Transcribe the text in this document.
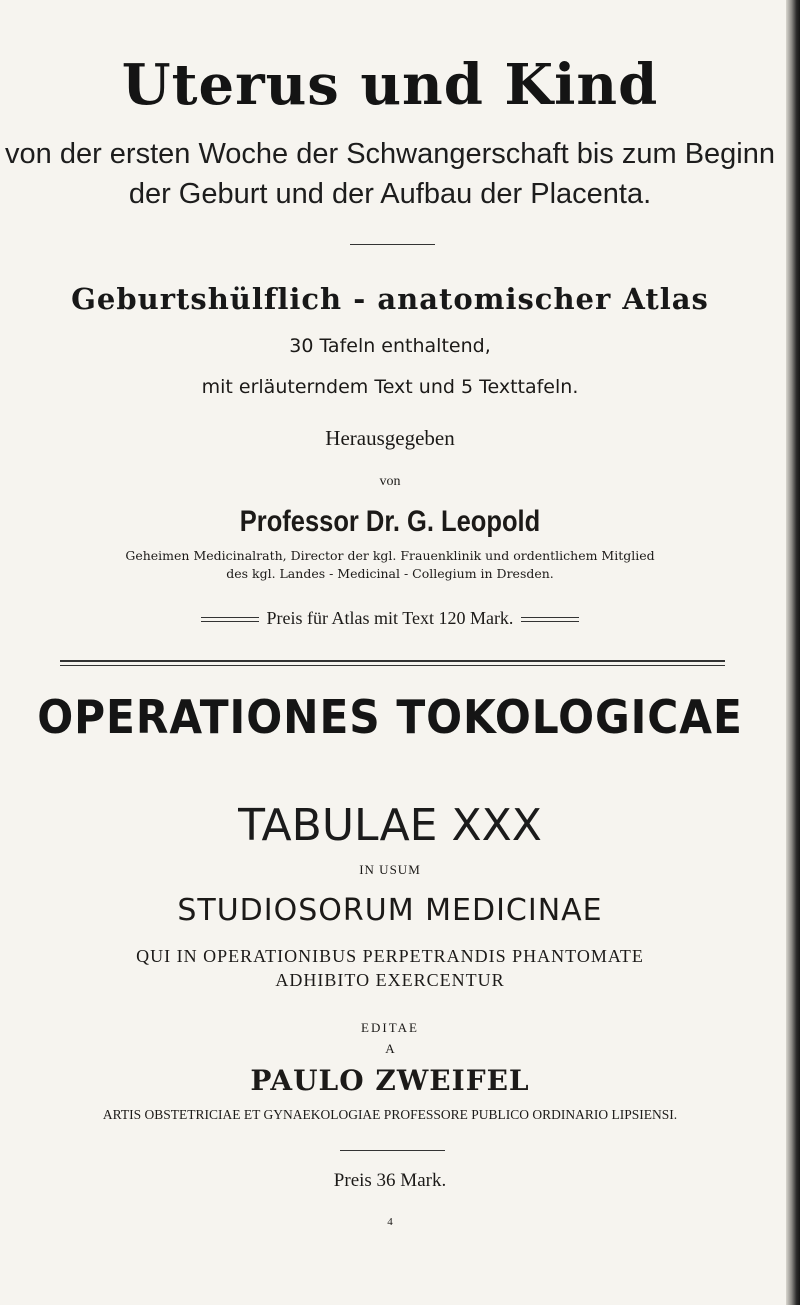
Uterus und Kind
von der ersten Woche der Schwangerschaft bis zum Beginn
der Geburt und der Aufbau der Placenta.
Geburtshülflich - anatomischer Atlas
30 Tafeln enthaltend,
mit erläuterndem Text und 5 Texttafeln.
Herausgegeben
von
Professor Dr. G. Leopold
Geheimen Medicinalrath, Director der kgl. Frauenklinik und ordentlichem Mitglied
des kgl. Landes - Medicinal - Collegium in Dresden.
Preis für Atlas mit Text 120 Mark.
OPERATIONES TOKOLOGICAE
TABULAE XXX
IN USUM
STUDIOSORUM MEDICINAE
QUI IN OPERATIONIBUS PERPETRANDIS PHANTOMATE
ADHIBITO EXERCENTUR
EDITAE
A
PAULO ZWEIFEL
ARTIS OBSTETRICIAE ET GYNAEKOLOGIAE PROFESSORE PUBLICO ORDINARIO LIPSIENSI.
Preis 36 Mark.
4
